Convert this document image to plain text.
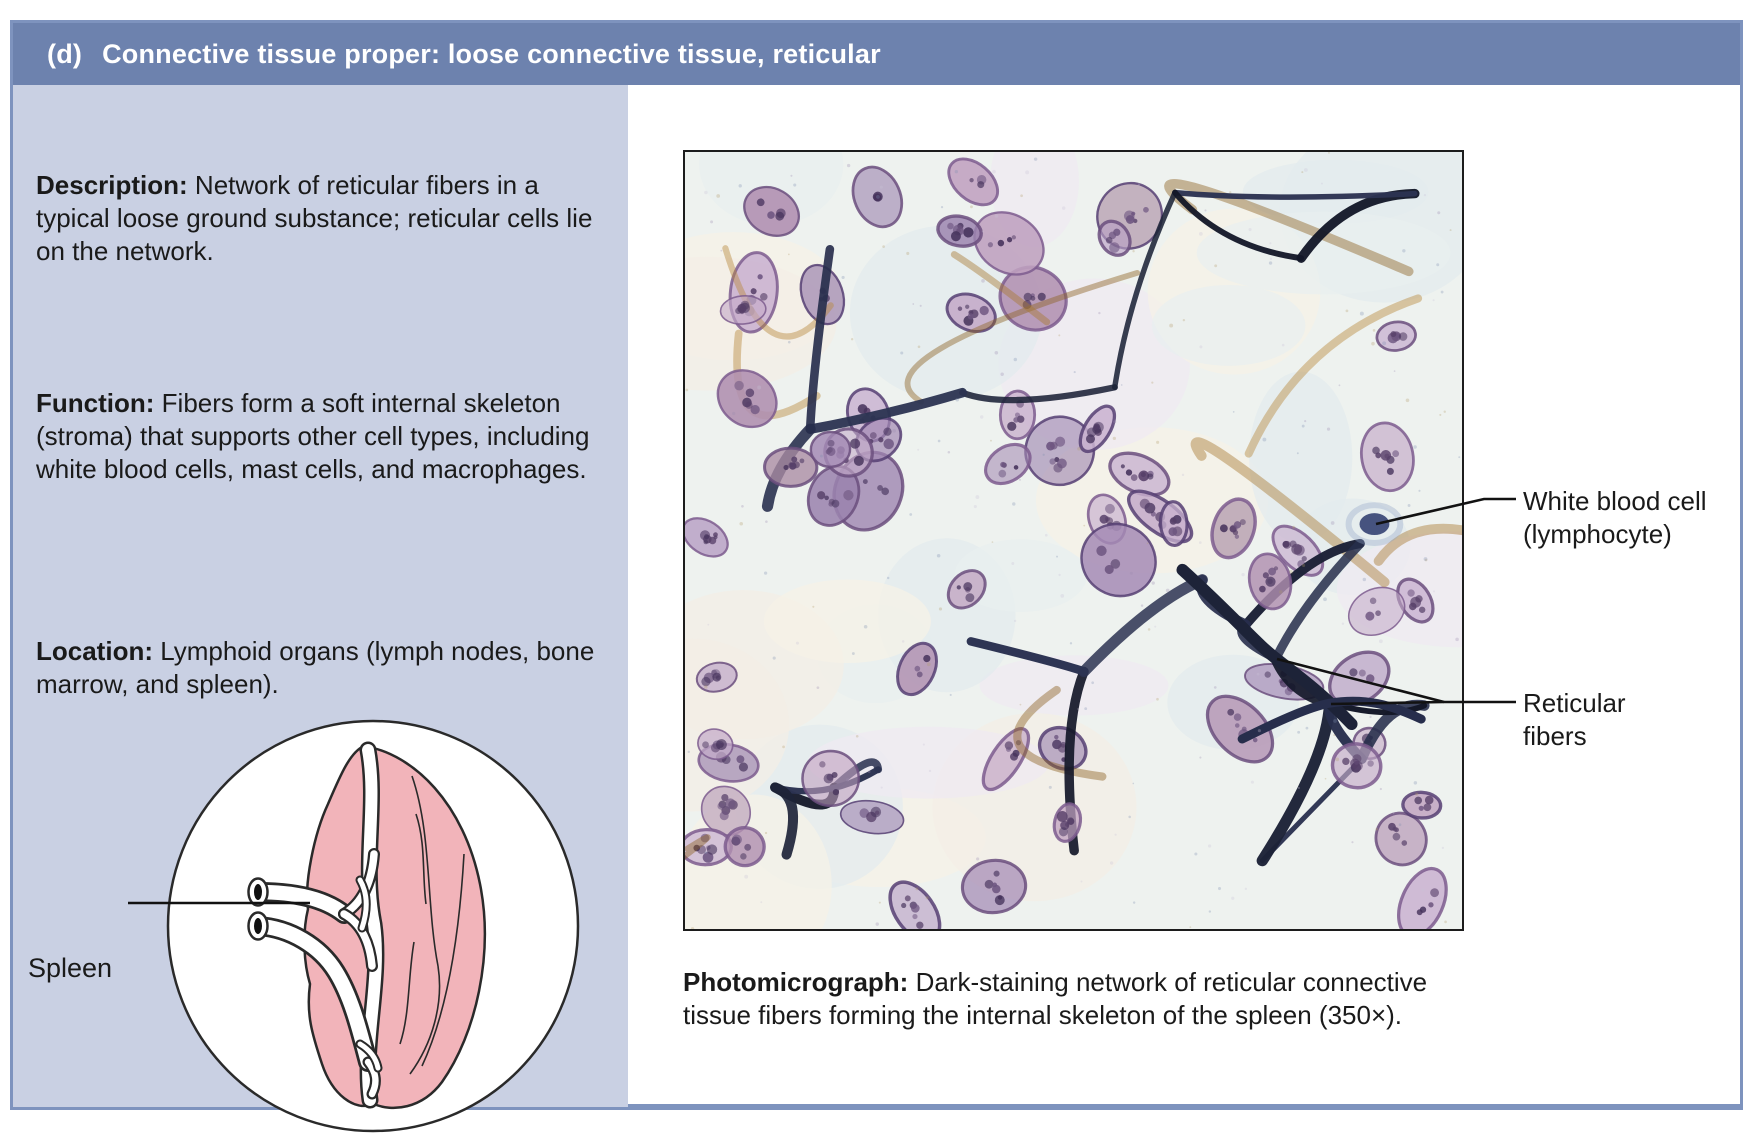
(d) Connective tissue proper: loose connective tissue, reticular
Description: Network of reticular fibers in a typical loose ground substance; reticular cells lie on the network.
Function: Fibers form a soft internal skeleton (stroma) that supports other cell types, including white blood cells, mast cells, and macrophages.
Location: Lymphoid organs (lymph nodes, bone marrow, and spleen).
Spleen
White blood cell
(lymphocyte)
Reticular
fibers
Photomicrograph: Dark-staining network of reticular connective tissue fibers forming the internal skeleton of the spleen (350×).
